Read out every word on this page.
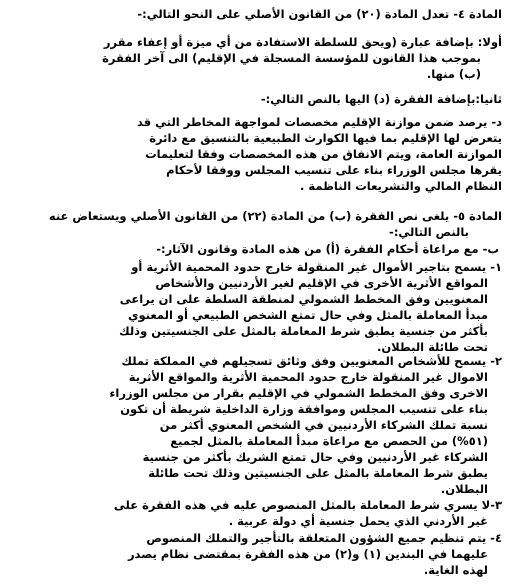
المادة ٤- تعدل المادة (٢٠) من القانون الأصلي على النحو التالي:-

أولا: بإضافة عبارة (ويحق للسلطة الاستفادة من أي ميزة أو إعفاء مقرر

بموجب هذا القانون للمؤسسة المسجلة في الإقليم) الى آخر الفقرة

(ب) منها.

ثانيا:بإضافة الفقرة (د) اليها بالنص التالي:-

د- يرصد ضمن موازنة الإقليم مخصصات لمواجهة المخاطر التي قد

يتعرض لها الإقليم بما فيها الكوارث الطبيعية بالتنسيق مع دائرة

الموازنة العامة، ويتم الانفاق من هذه المخصصات وفقا لتعليمات

يقرها مجلس الوزراء بناء على تنسيب المجلس ووفقا لأحكام

النظام المالي والتشريعات الناظمة .

المادة ٥- يلغى نص الفقرة (ب) من المادة (٢٢) من القانون الأصلي ويستعاض عنه

بالنص التالي:-

ب- مع مراعاة أحكام الفقرة (أ) من هذه المادة وقانون الآثار:-

١- يسمح بتاجير الأموال غير المنقولة خارج حدود المحمية الأثرية أو

المواقع الأثرية الأخرى في الإقليم لغير الأردنيين والأشخاص

المعنويين وفق المخطط الشمولي لمنطقة السلطة على ان يراعى

مبدأ المعاملة بالمثل وفي حال تمتع الشخص الطبيعي أو المعنوي

بأكثر من جنسية يطبق شرط المعاملة بالمثل على الجنسيتين وذلك

تحت طائلة البطلان.

٢- يسمح للأشخاص المعنويين وفق وثائق تسجيلهم في المملكة تملك

الاموال غير المنقولة خارج حدود المحمية الأثرية والمواقع الأثرية

الاخرى وفق المخطط الشمولي في الإقليم بقرار من مجلس الوزراء

بناء على تنسيب المجلس وموافقة وزارة الداخلية شريطة أن تكون

نسبة تملك الشركاء الأردنيين في الشخص المعنوي أكثر من

(٥١%) من الحصص مع مراعاة مبدأ المعاملة بالمثل لجميع

الشركاء غير الأردنيين وفي حال تمتع الشريك بأكثر من جنسية

يطبق شرط المعاملة بالمثل على الجنسيتين وذلك تحت طائلة

البطلان.

٣-لا يسري شرط المعاملة بالمثل المنصوص عليه في هذه الفقرة على

غير الأردني الذي يحمل جنسية أي دولة عربية .

٤- يتم تنظيم جميع الشؤون المتعلقة بالتأجير والتملك المنصوص

عليهما في البندين (١) و(٢) من هذه الفقرة بمقتضى نظام يصدر

لهذه الغاية.
